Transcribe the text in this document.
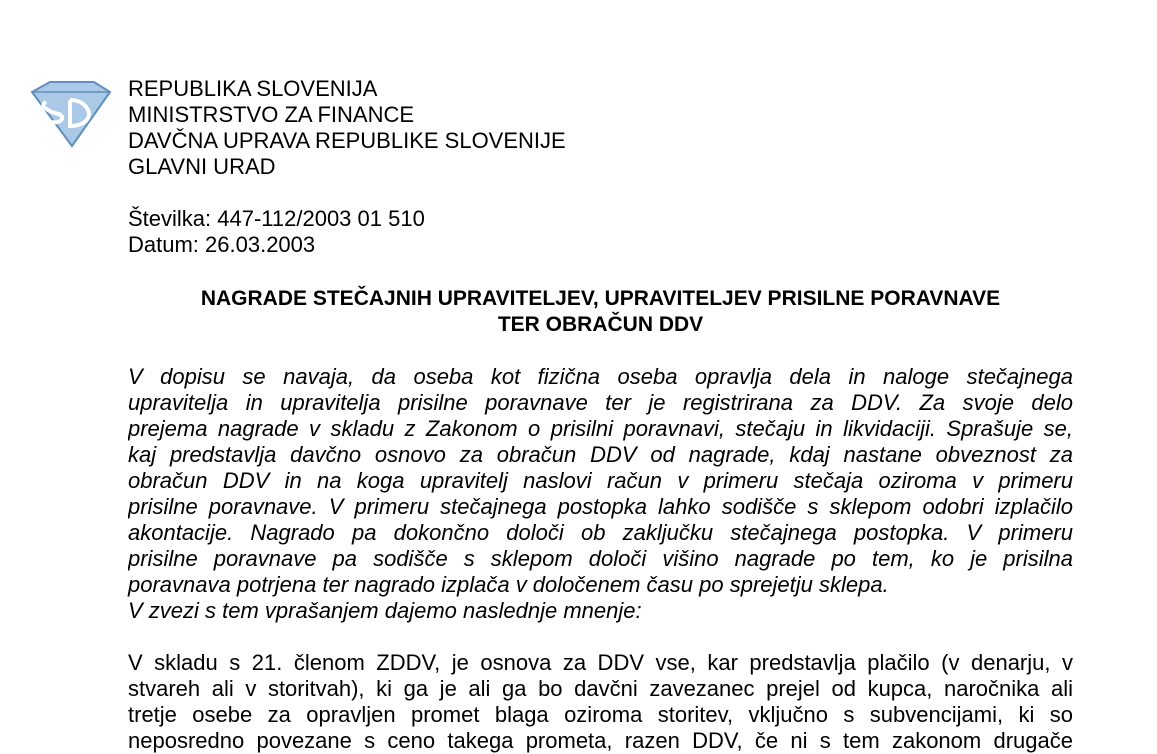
REPUBLIKA SLOVENIJA
MINISTRSTVO ZA FINANCE
DAVČNA UPRAVA REPUBLIKE SLOVENIJE
GLAVNI URAD
Številka: 447-112/2003 01 510
Datum: 26.03.2003
NAGRADE STEČAJNIH UPRAVITELJEV, UPRAVITELJEV PRISILNE PORAVNAVE
TER OBRAČUN DDV
V dopisu se navaja, da oseba kot fizična oseba opravlja dela in naloge stečajnega
upravitelja in upravitelja prisilne poravnave ter je registrirana za DDV. Za svoje delo
prejema nagrade v skladu z Zakonom o prisilni poravnavi, stečaju in likvidaciji. Sprašuje se,
kaj predstavlja davčno osnovo za obračun DDV od nagrade, kdaj nastane obveznost za
obračun DDV in na koga upravitelj naslovi račun v primeru stečaja oziroma v primeru
prisilne poravnave. V primeru stečajnega postopka lahko sodišče s sklepom odobri izplačilo
akontacije. Nagrado pa dokončno določi ob zaključku stečajnega postopka. V primeru
prisilne poravnave pa sodišče s sklepom določi višino nagrade po tem, ko je prisilna
poravnava potrjena ter nagrado izplača v določenem času po sprejetju sklepa.
V zvezi s tem vprašanjem dajemo naslednje mnenje:
V skladu s 21. členom ZDDV, je osnova za DDV vse, kar predstavlja plačilo (v denarju, v
stvareh ali v storitvah), ki ga je ali ga bo davčni zavezanec prejel od kupca, naročnika ali
tretje osebe za opravljen promet blaga oziroma storitev, vključno s subvencijami, ki so
neposredno povezane s ceno takega prometa, razen DDV, če ni s tem zakonom drugače
